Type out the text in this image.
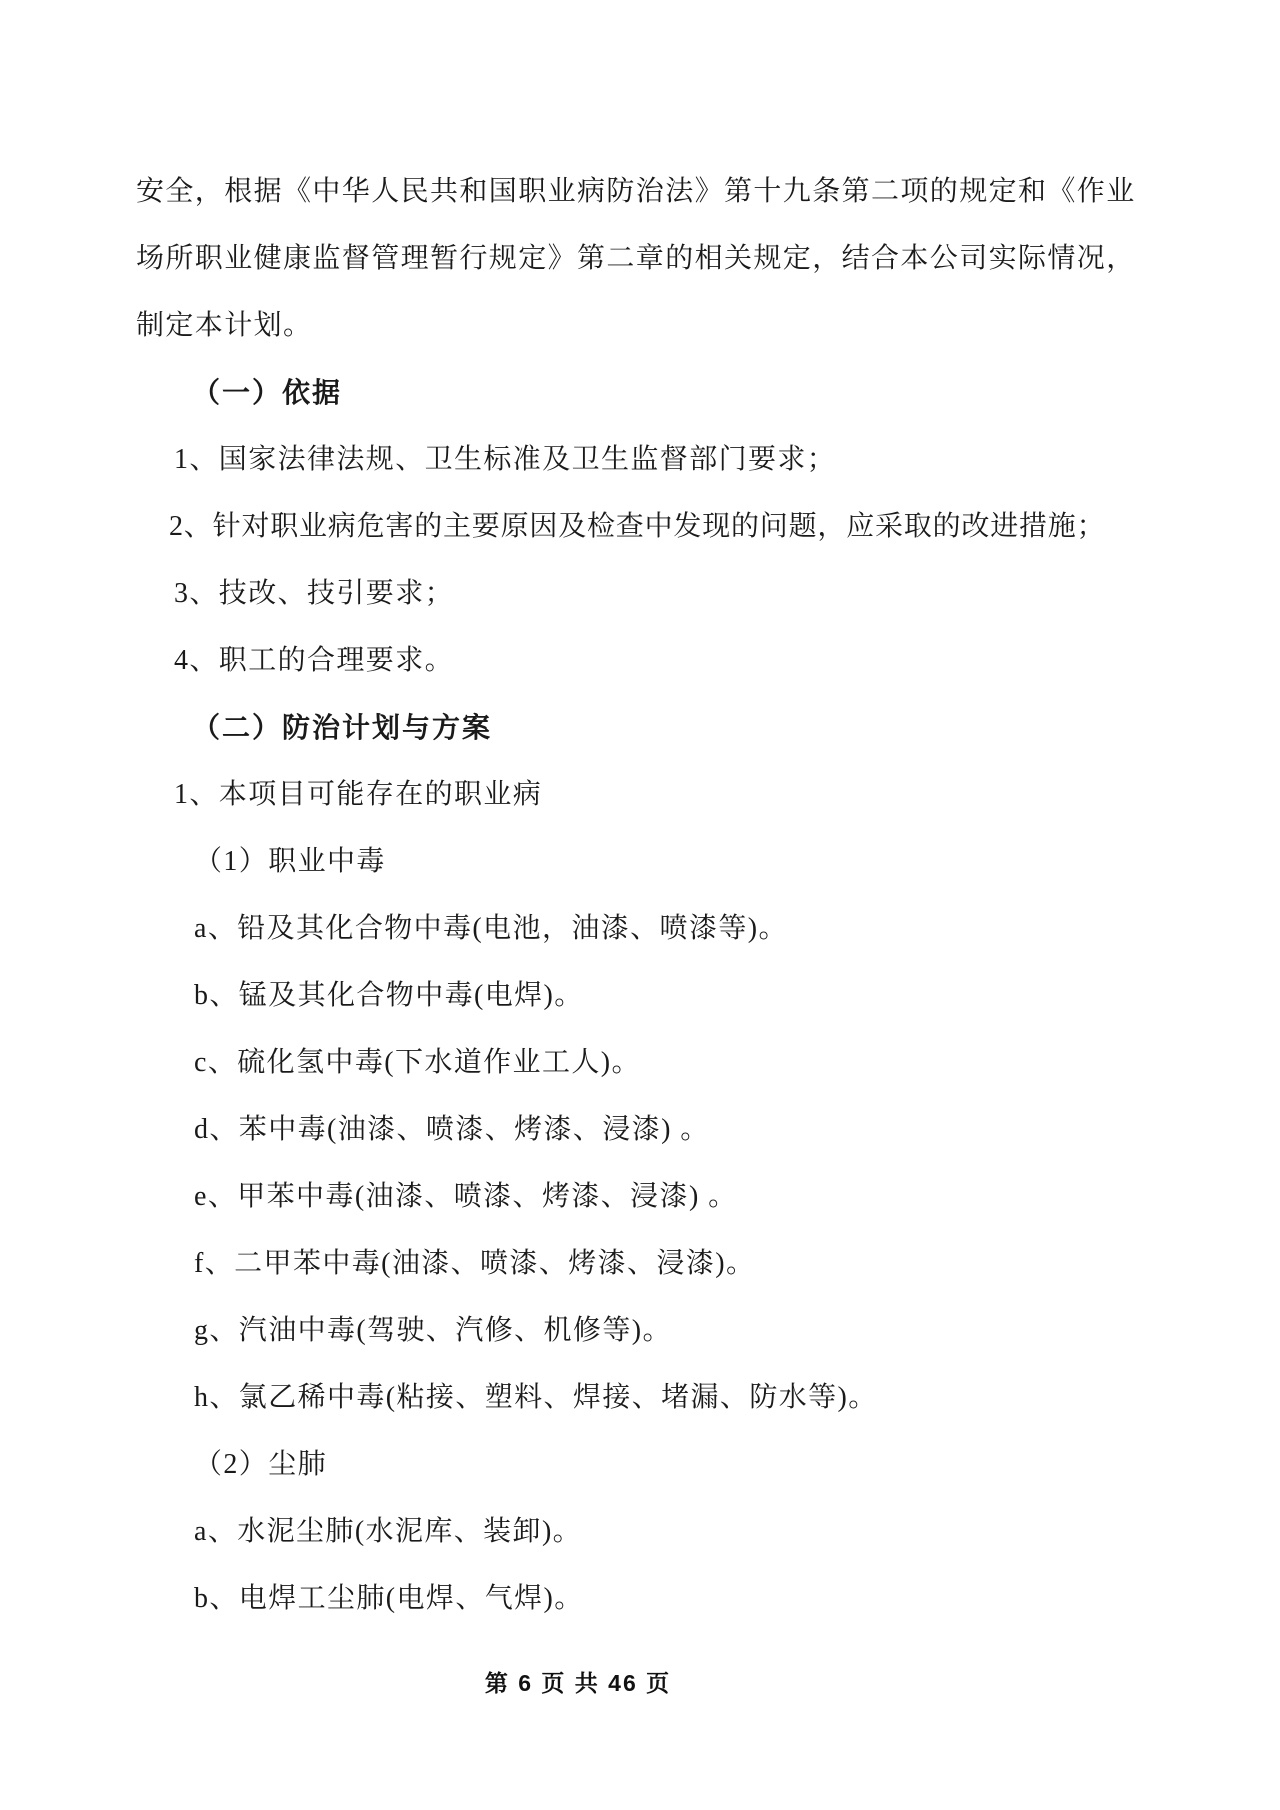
安全，根据《中华人民共和国职业病防治法》第十九条第二项的规定和《作业
场所职业健康监督管理暂行规定》第二章的相关规定，结合本公司实际情况，
制定本计划。
（一）依据
1、国家法律法规、卫生标准及卫生监督部门要求；
2、针对职业病危害的主要原因及检查中发现的问题，应采取的改进措施；
3、技改、技引要求；
4、职工的合理要求。
（二）防治计划与方案
1、本项目可能存在的职业病
（1）职业中毒
a、铅及其化合物中毒(电池，油漆、喷漆等)。
b、锰及其化合物中毒(电焊)。
c、硫化氢中毒(下水道作业工人)。
d、苯中毒(油漆、喷漆、烤漆、浸漆) 。
e、甲苯中毒(油漆、喷漆、烤漆、浸漆) 。
f、二甲苯中毒(油漆、喷漆、烤漆、浸漆)。
g、汽油中毒(驾驶、汽修、机修等)。
h、氯乙稀中毒(粘接、塑料、焊接、堵漏、防水等)。
（2）尘肺
a、水泥尘肺(水泥库、装卸)。
b、电焊工尘肺(电焊、气焊)。
第 6 页 共 46 页
